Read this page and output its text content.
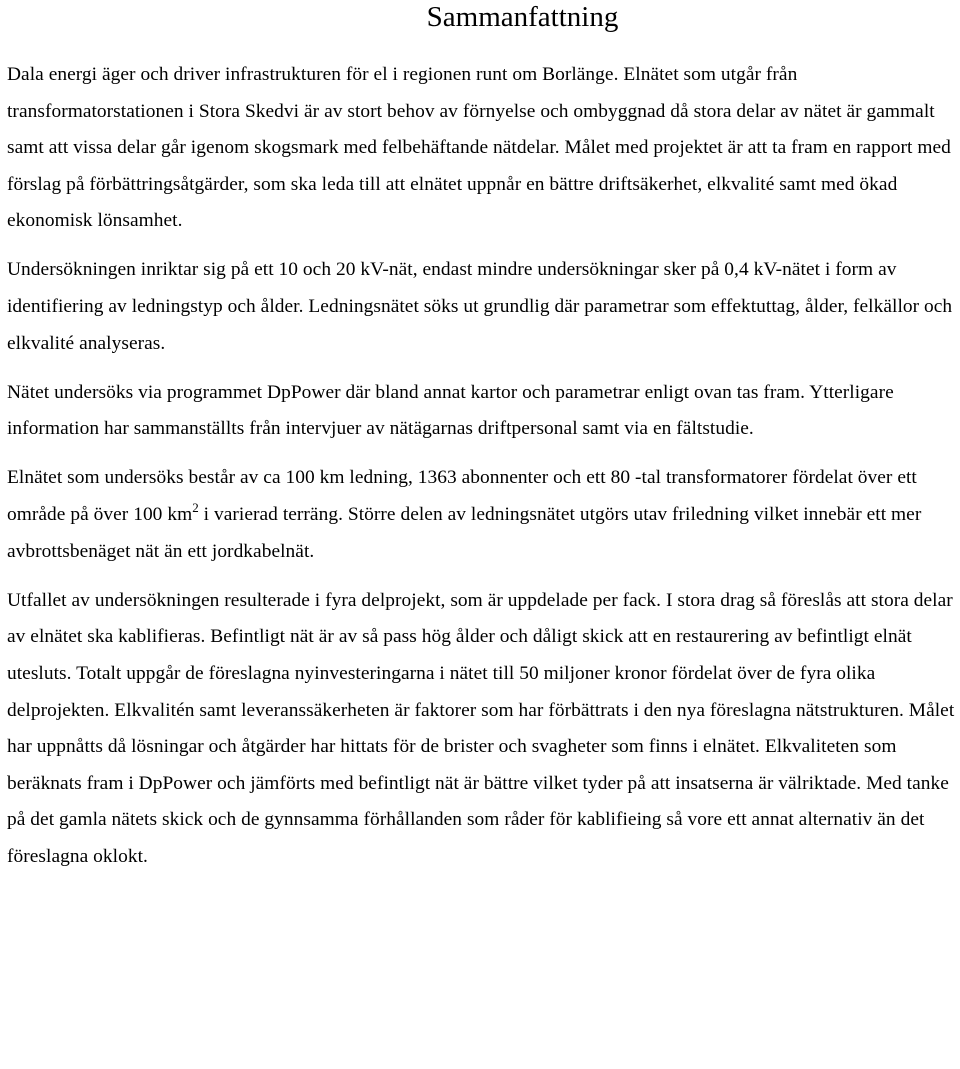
Sammanfattning

Dala energi äger och driver infrastrukturen för el i regionen runt om Borlänge. Elnätet som utgår från transformatorstationen i Stora Skedvi är av stort behov av förnyelse och ombyggnad då stora delar av nätet är gammalt samt att vissa delar går igenom skogsmark med felbehäftande nätdelar. Målet med projektet är att ta fram en rapport med förslag på förbättringsåtgärder, som ska leda till att elnätet uppnår en bättre driftsäkerhet, elkvalité samt med ökad ekonomisk lönsamhet.

Undersökningen inriktar sig på ett 10 och 20 kV-nät, endast mindre undersökningar sker på 0,4 kV-nätet i form av identifiering av ledningstyp och ålder. Ledningsnätet söks ut grundlig där parametrar som effektuttag, ålder, felkällor och elkvalité analyseras.

Nätet undersöks via programmet DpPower där bland annat kartor och parametrar enligt ovan tas fram. Ytterligare information har sammanställts från intervjuer av nätägarnas driftpersonal samt via en fältstudie.

Elnätet som undersöks består av ca 100 km ledning, 1363 abonnenter och ett 80 -tal transformatorer fördelat över ett område på över 100 $km^2$ i varierad terräng. Större delen av ledningsnätet utgörs utav friledning vilket innebär ett mer avbrottsbenäget nät än ett jordkabelnät.

Utfallet av undersökningen resulterade i fyra delprojekt, som är uppdelade per fack. I stora drag så föreslås att stora delar av elnätet ska kablifieras. Befintligt nät är av så pass hög ålder och dåligt skick att en restaurering av befintligt elnät utesluts. Totalt uppgår de föreslagna nyinvesteringarna i nätet till 50 miljoner kronor fördelat över de fyra olika delprojekten. Elkvalitén samt leveranssäkerheten är faktorer som har förbättrats i den nya föreslagna nätstrukturen. Målet har uppnåtts då lösningar och åtgärder har hittats för de brister och svagheter som finns i elnätet. Elkvaliteten som beräknats fram i DpPower och jämförts med befintligt nät är bättre vilket tyder på att insatserna är välriktade. Med tanke på det gamla nätets skick och de gynnsamma förhållanden som råder för kablifieing så vore ett annat alternativ än det föreslagna oklokt.
